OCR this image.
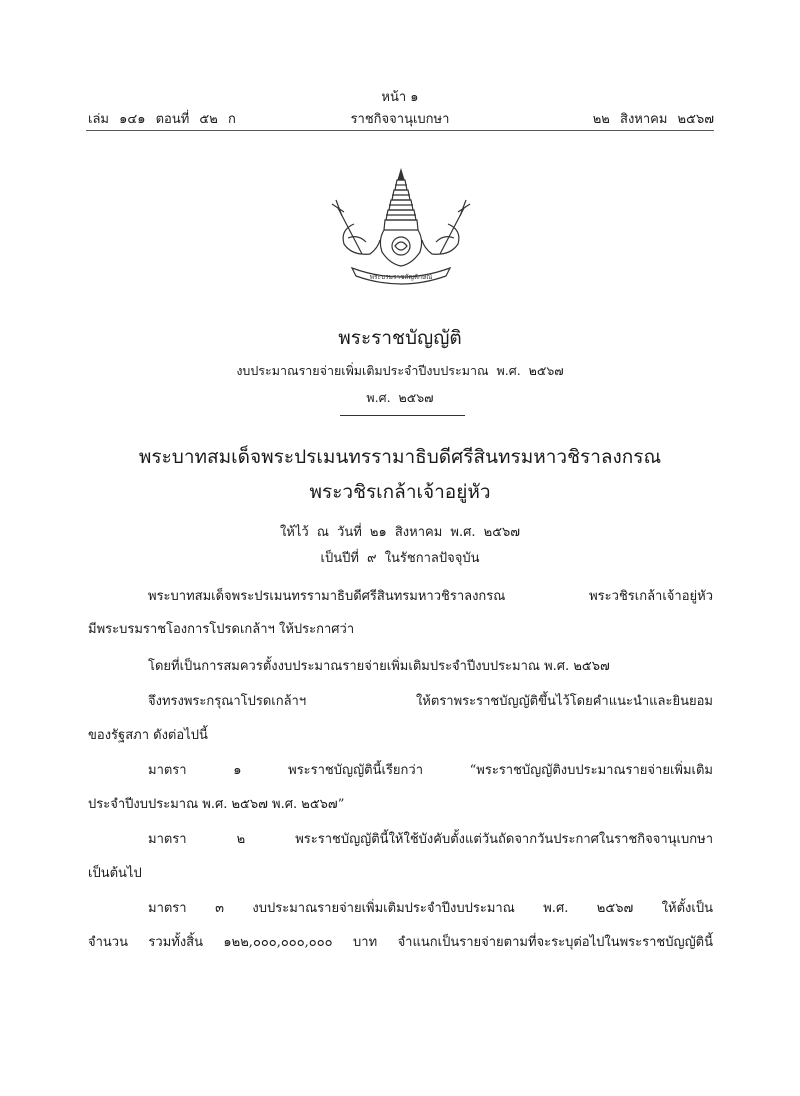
หน้า ๑
เล่ม ๑๔๑ ตอนที่ ๕๒ ก	ราชกิจจานุเบกษา	๒๒ สิงหาคม ๒๕๖๗
พระบรมราชสัญลักษณ์
พระราชบัญญัติ
งบประมาณรายจ่ายเพิ่มเติมประจำปีงบประมาณ พ.ศ. ๒๕๖๗
พ.ศ. ๒๕๖๗
พระบาทสมเด็จพระปรเมนทรรามาธิบดีศรีสินทรมหาวชิราลงกรณ
พระวชิรเกล้าเจ้าอยู่หัว
ให้ไว้ ณ วันที่ ๒๑ สิงหาคม พ.ศ. ๒๕๖๗
เป็นปีที่ ๙ ในรัชกาลปัจจุบัน
พระบาทสมเด็จพระปรเมนทรรามาธิบดีศรีสินทรมหาวชิราลงกรณ พระวชิรเกล้าเจ้าอยู่หัว
มีพระบรมราชโองการโปรดเกล้าฯ ให้ประกาศว่า
โดยที่เป็นการสมควรตั้งงบประมาณรายจ่ายเพิ่มเติมประจำปีงบประมาณ พ.ศ. ๒๕๖๗
จึงทรงพระกรุณาโปรดเกล้าฯ ให้ตราพระราชบัญญัติขึ้นไว้โดยคำแนะนำและยินยอม
ของรัฐสภา ดังต่อไปนี้
มาตรา ๑ พระราชบัญญัตินี้เรียกว่า “พระราชบัญญัติงบประมาณรายจ่ายเพิ่มเติม
ประจำปีงบประมาณ พ.ศ. ๒๕๖๗ พ.ศ. ๒๕๖๗”
มาตรา ๒ พระราชบัญญัตินี้ให้ใช้บังคับตั้งแต่วันถัดจากวันประกาศในราชกิจจานุเบกษา
เป็นต้นไป
มาตรา ๓ งบประมาณรายจ่ายเพิ่มเติมประจำปีงบประมาณ พ.ศ. ๒๕๖๗ ให้ตั้งเป็น
จำนวน รวมทั้งสิ้น ๑๒๒,๐๐๐,๐๐๐,๐๐๐ บาท จำแนกเป็นรายจ่ายตามที่จะระบุต่อไปในพระราชบัญญัตินี้
